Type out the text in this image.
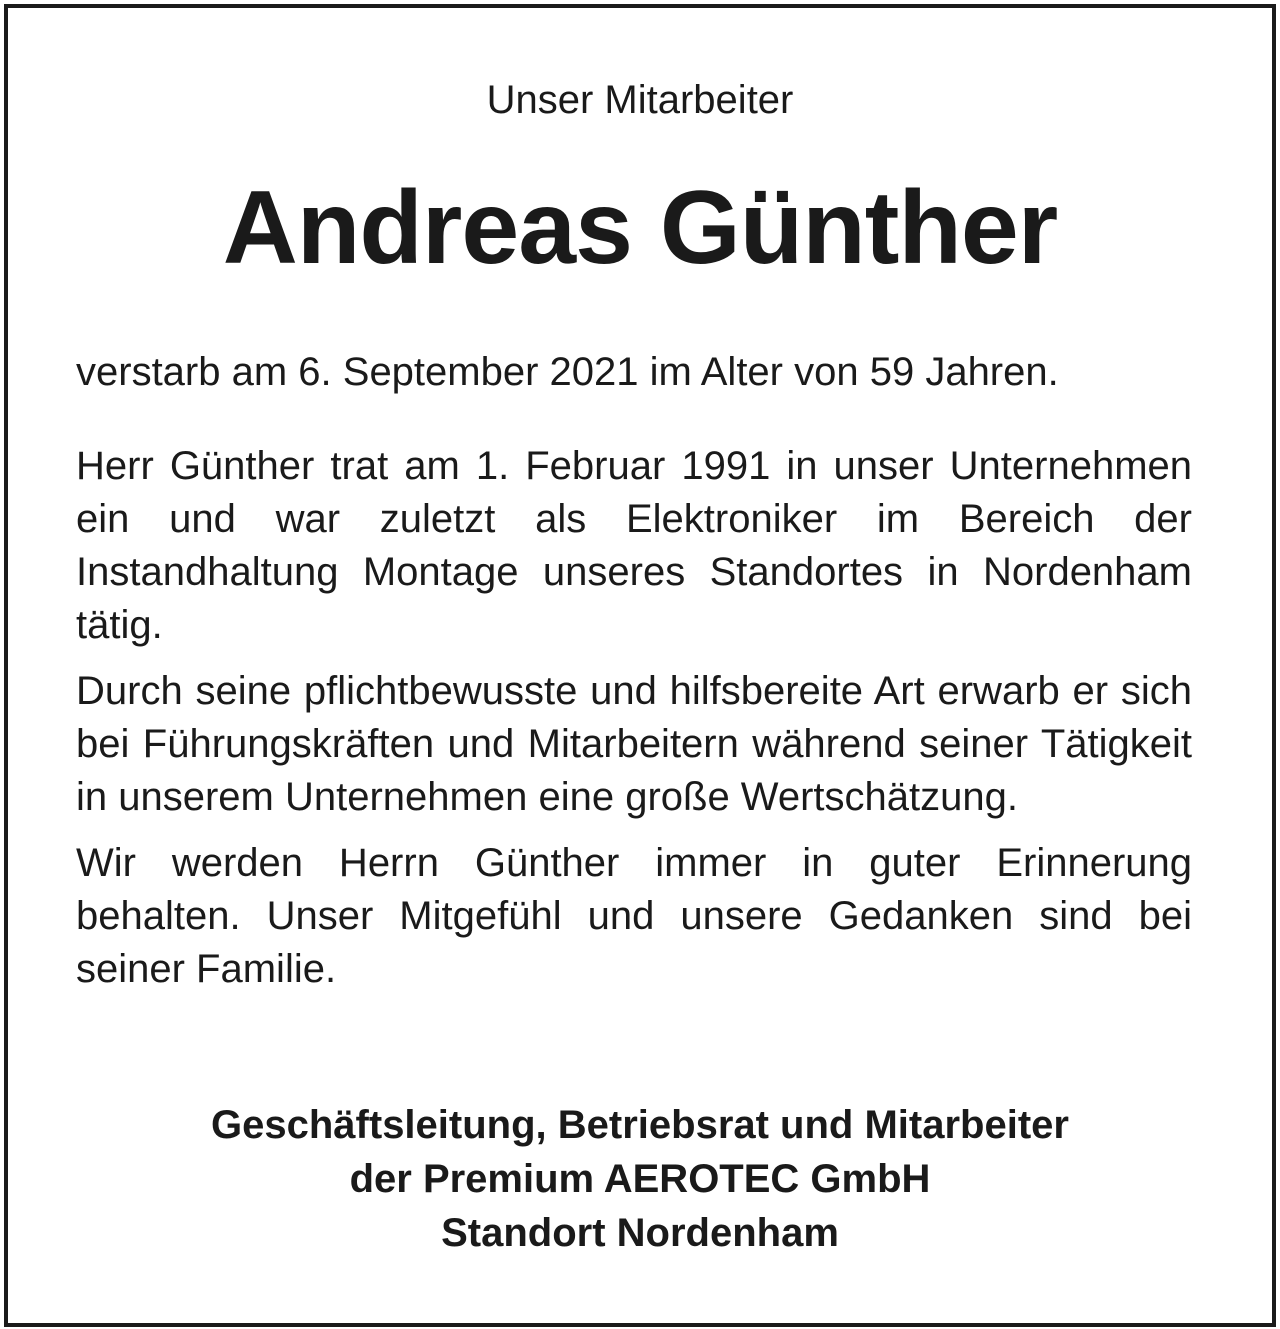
Unser Mitarbeiter
Andreas Günther
verstarb am 6. September 2021 im Alter von 59 Jahren.

Herr Günther trat am 1. Februar 1991 in unser Unternehmen ein und war zuletzt als Elektroniker im Bereich der Instandhaltung Montage unseres Standortes in Nordenham tätig.

Durch seine pflichtbewusste und hilfsbereite Art erwarb er sich bei Führungskräften und Mitarbeitern während seiner Tätigkeit in unserem Unternehmen eine große Wertschätzung.

Wir werden Herrn Günther immer in guter Erinnerung behalten. Unser Mitgefühl und unsere Gedanken sind bei seiner Familie.

Geschäftsleitung, Betriebsrat und Mitarbeiter
der Premium AEROTEC GmbH
Standort Nordenham
